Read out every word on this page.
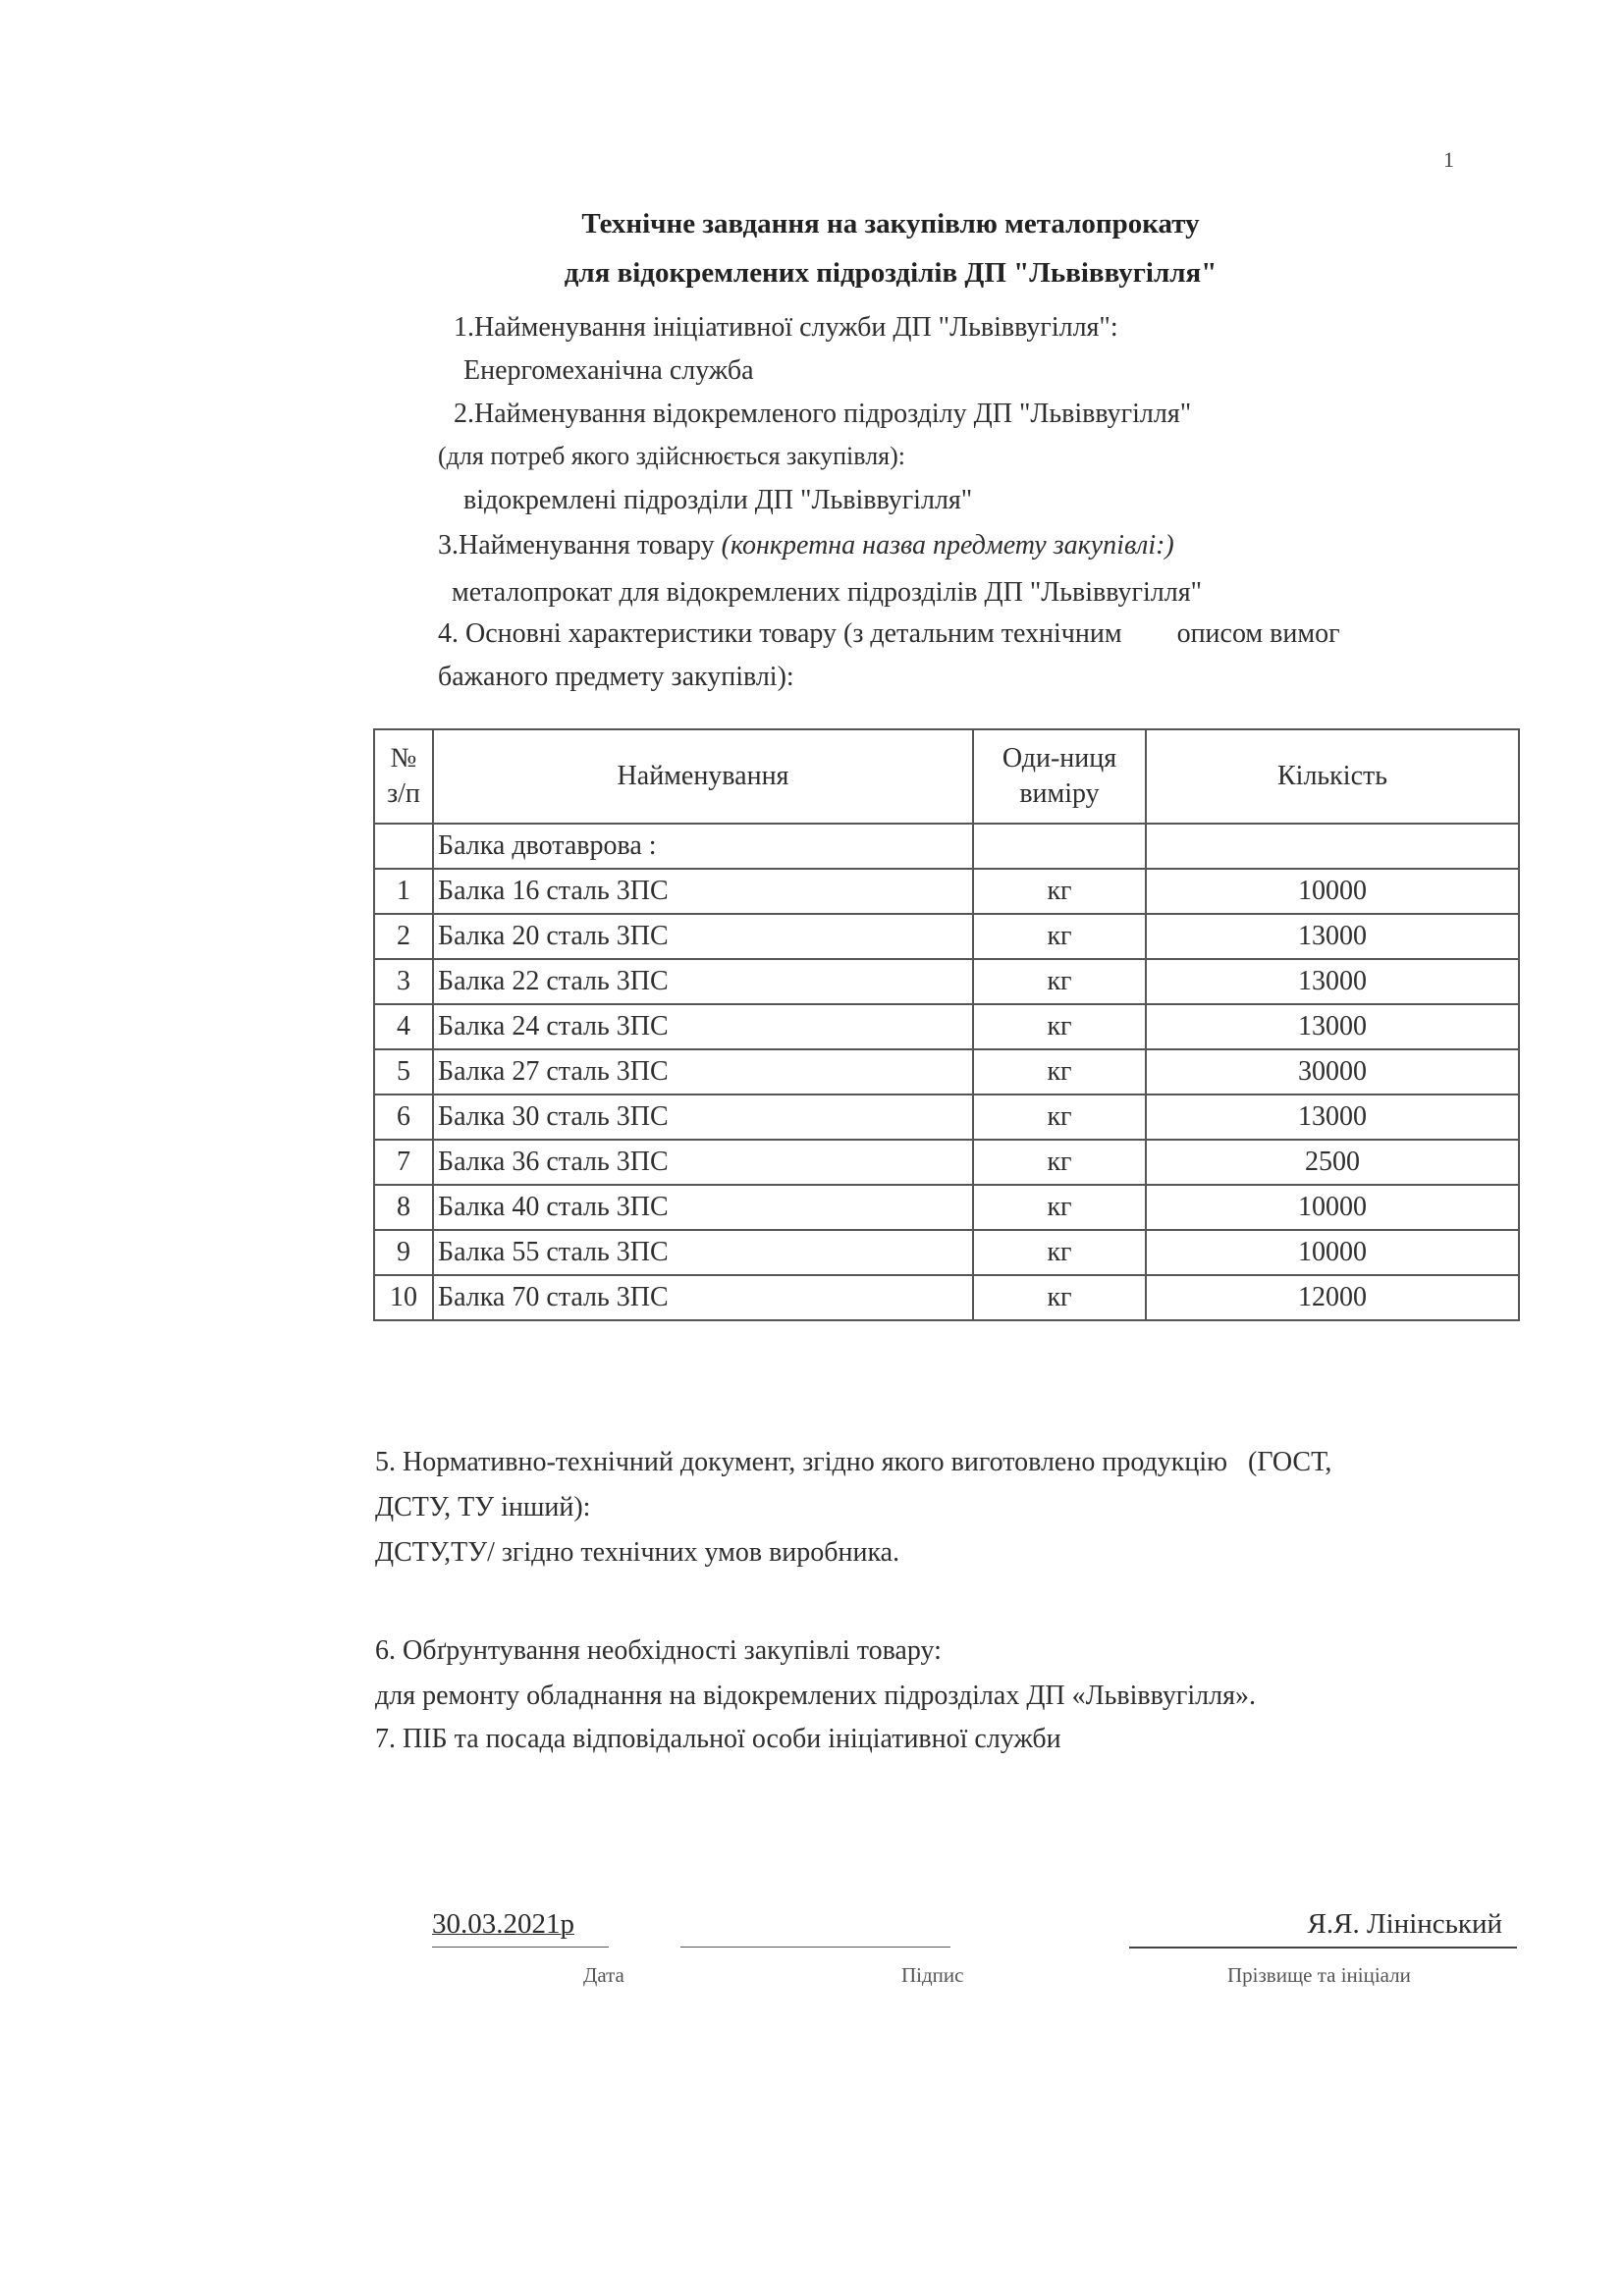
1
Технічне завдання на закупівлю металопрокату
для відокремлених підрозділів ДП "Львіввугілля"
1.Найменування ініціативної служби ДП "Львіввугілля":
Енергомеханічна служба
2.Найменування відокремленого підрозділу ДП "Львіввугілля"
(для потреб якого здійснюється закупівля):
відокремлені підрозділи ДП "Львіввугілля"
3.Найменування товару (конкретна назва предмету закупівлі:)
металопрокат для відокремлених підрозділів ДП "Львіввугілля"
4. Основні характеристики товару (з детальним технічним        описом вимог
бажаного предмету закупівлі):
№ з/п	Найменування	Оди-ниця виміру	Кількість
	Балка двотаврова :		
1	Балка 16 сталь 3ПС	кг	10000
2	Балка 20 сталь 3ПС	кг	13000
3	Балка 22 сталь 3ПС	кг	13000
4	Балка 24 сталь 3ПС	кг	13000
5	Балка 27 сталь 3ПС	кг	30000
6	Балка 30 сталь 3ПС	кг	13000
7	Балка 36 сталь 3ПС	кг	2500
8	Балка 40 сталь 3ПС	кг	10000
9	Балка 55 сталь 3ПС	кг	10000
10	Балка 70 сталь 3ПС	кг	12000
5. Нормативно-технічний документ, згідно якого виготовлено продукцію   (ГОСТ,
ДСТУ, ТУ інший):
ДСТУ,ТУ/ згідно технічних умов виробника.
6. Обґрунтування необхідності закупівлі товару:
для ремонту обладнання на відокремлених підрозділах ДП «Львіввугілля».
7. ПІБ та посада відповідальної особи ініціативної служби
30.03.2021р	Я.Я. Лінінський
Дата	Підпис	Прізвище та ініціали
